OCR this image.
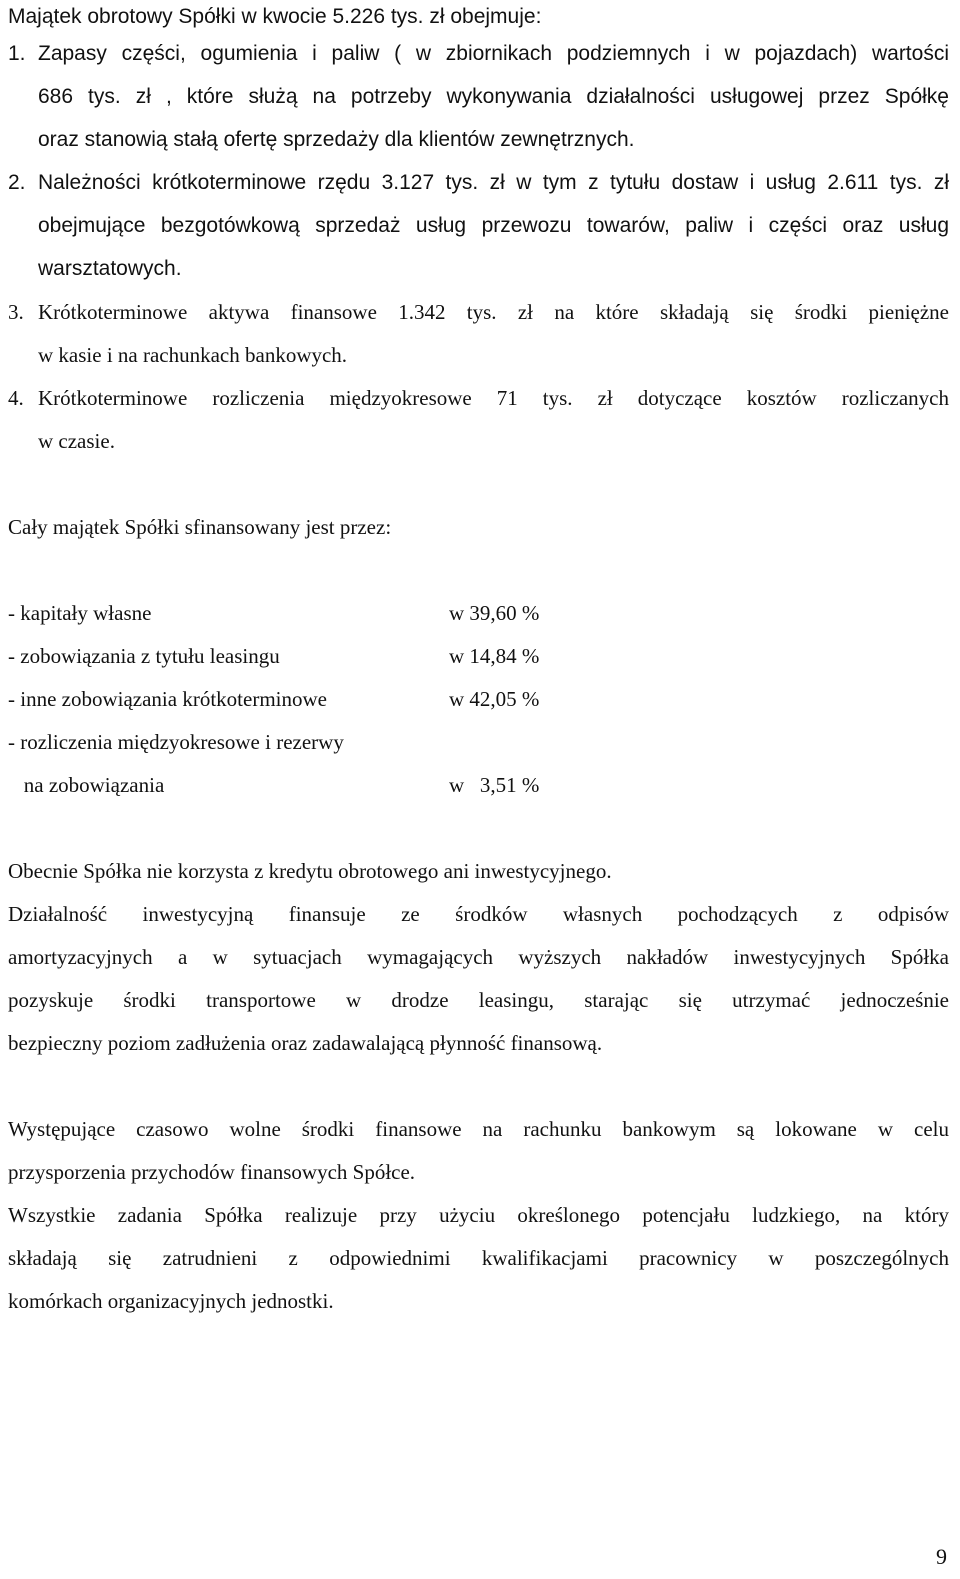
Majątek obrotowy Spółki w kwocie 5.226 tys. zł obejmuje:
1. Zapasy części, ogumienia i paliw ( w zbiornikach podziemnych i w pojazdach) wartości
686 tys. zł , które służą na potrzeby wykonywania działalności usługowej przez Spółkę
oraz stanowią stałą ofertę sprzedaży dla klientów zewnętrznych.
2. Należności krótkoterminowe rzędu 3.127 tys. zł w tym z tytułu dostaw i usług 2.611 tys. zł
obejmujące bezgotówkową sprzedaż usług przewozu towarów, paliw i części oraz usług
warsztatowych.
3. Krótkoterminowe aktywa finansowe 1.342 tys. zł na które składają się środki pieniężne
w kasie i na rachunkach bankowych.
4. Krótkoterminowe rozliczenia międzyokresowe 71 tys. zł dotyczące kosztów rozliczanych
w czasie.
Cały majątek Spółki sfinansowany jest przez:
- kapitały własne	w 39,60 %
- zobowiązania z tytułu leasingu	w 14,84 %
- inne zobowiązania krótkoterminowe	w 42,05 %
- rozliczenia międzyokresowe i rezerwy
na zobowiązania	w   3,51 %
Obecnie Spółka nie korzysta z kredytu obrotowego ani inwestycyjnego.
Działalność inwestycyjną finansuje ze środków własnych pochodzących z odpisów
amortyzacyjnych a w sytuacjach wymagających wyższych nakładów inwestycyjnych Spółka
pozyskuje środki transportowe w drodze leasingu, starając się utrzymać jednocześnie
bezpieczny poziom zadłużenia oraz zadawalającą płynność finansową.
Występujące czasowo wolne środki finansowe na rachunku bankowym są lokowane w celu
przysporzenia przychodów finansowych Spółce.
Wszystkie zadania Spółka realizuje przy użyciu określonego potencjału ludzkiego, na który
składają się zatrudnieni z odpowiednimi kwalifikacjami pracownicy w poszczególnych
komórkach organizacyjnych jednostki.
9
